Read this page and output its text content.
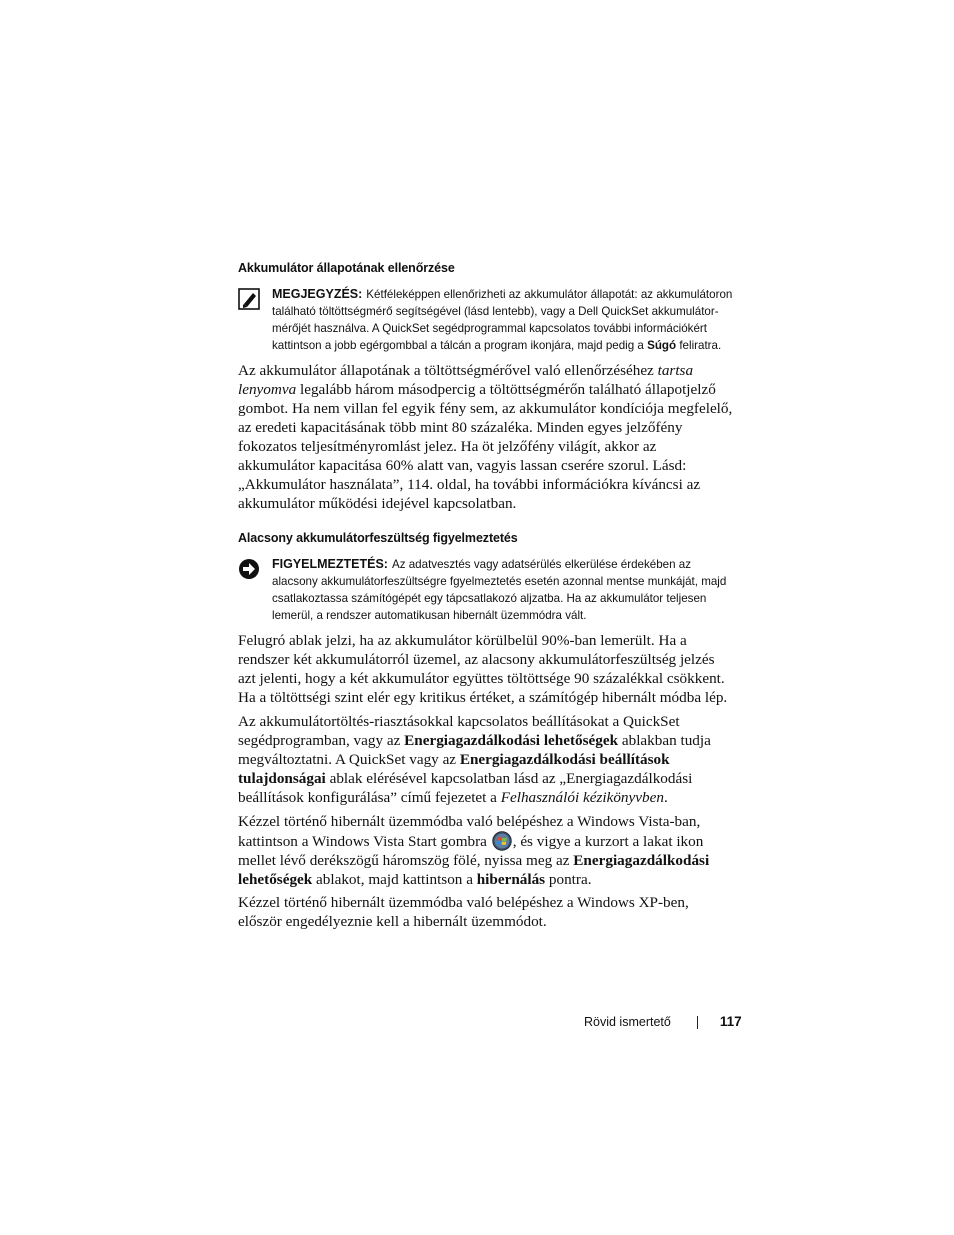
Akkumulátor állapotának ellenőrzése
MEGJEGYZÉS: Kétféleképpen ellenőrizheti az akkumulátor állapotát: az akkumulátoron
található töltöttségmérő segítségével (lásd lentebb), vagy a Dell QuickSet akkumulátor-
mérőjét használva. A QuickSet segédprogrammal kapcsolatos további információkért
kattintson a jobb egérgombbal a tálcán a program ikonjára, majd pedig a Súgó feliratra.
Az akkumulátor állapotának a töltöttségmérővel való ellenőrzéséhez tartsa
lenyomva legalább három másodpercig a töltöttségmérőn található állapotjelző
gombot. Ha nem villan fel egyik fény sem, az akkumulátor kondíciója megfelelő,
az eredeti kapacitásának több mint 80 százaléka. Minden egyes jelzőfény
fokozatos teljesítményromlást jelez. Ha öt jelzőfény világít, akkor az
akkumulátor kapacitása 60% alatt van, vagyis lassan cserére szorul. Lásd:
„Akkumulátor használata”, 114. oldal, ha további információkra kíváncsi az
akkumulátor működési idejével kapcsolatban.
Alacsony akkumulátorfeszültség figyelmeztetés
FIGYELMEZTETÉS: Az adatvesztés vagy adatsérülés elkerülése érdekében az
alacsony akkumulátorfeszültségre fgyelmeztetés esetén azonnal mentse munkáját, majd
csatlakoztassa számítógépét egy tápcsatlakozó aljzatba. Ha az akkumulátor teljesen
lemerül, a rendszer automatikusan hibernált üzemmódra vált.
Felugró ablak jelzi, ha az akkumulátor körülbelül 90%-ban lemerült. Ha a
rendszer két akkumulátorról üzemel, az alacsony akkumulátorfeszültség jelzés
azt jelenti, hogy a két akkumulátor együttes töltöttsége 90 százalékkal csökkent.
Ha a töltöttségi szint elér egy kritikus értéket, a számítógép hibernált módba lép.
Az akkumulátortöltés-riasztásokkal kapcsolatos beállításokat a QuickSet
segédprogramban, vagy az Energiagazdálkodási lehetőségek ablakban tudja
megváltoztatni. A QuickSet vagy az Energiagazdálkodási beállítások
tulajdonságai ablak elérésével kapcsolatban lásd az „Energiagazdálkodási
beállítások konfigurálása” című fejezetet a Felhasználói kézikönyvben.
Kézzel történő hibernált üzemmódba való belépéshez a Windows Vista-ban,
kattintson a Windows Vista Start gombra , és vigye a kurzort a lakat ikon
mellet lévő derékszögű háromszög fölé, nyissa meg az Energiagazdálkodási
lehetőségek ablakot, majd kattintson a hibernálás pontra.
Kézzel történő hibernált üzemmódba való belépéshez a Windows XP-ben,
először engedélyeznie kell a hibernált üzemmódot.
Rövid ismertető	117
